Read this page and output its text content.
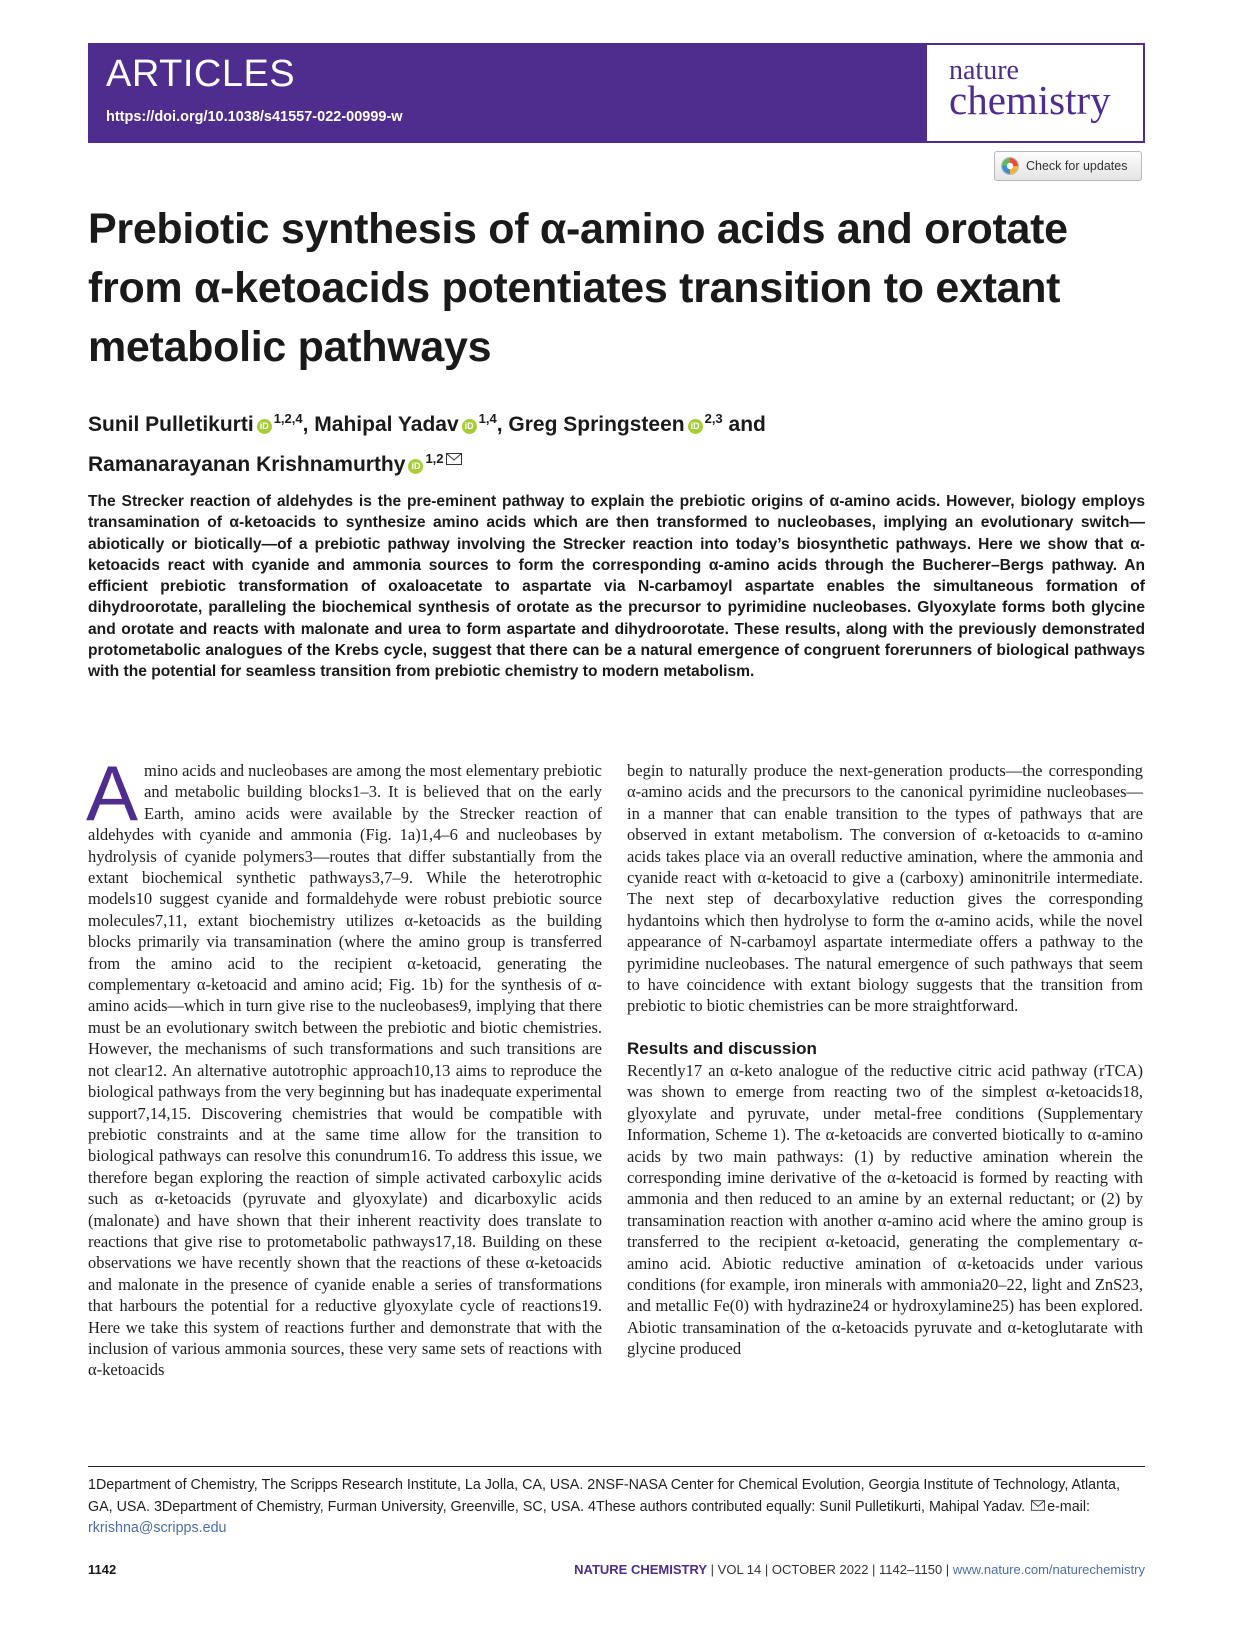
ARTICLES
https://doi.org/10.1038/s41557-022-00999-w
nature
chemistry
Check for updates
Prebiotic synthesis of α-amino acids and orotate from α-ketoacids potentiates transition to extant metabolic pathways
Sunil Pulletikurti iD $^{1,2,4}$, Mahipal Yadav iD $^{1,4}$, Greg Springsteen iD $^{2,3}$ and
Ramanarayanan Krishnamurthy iD $^{1,2}$

The Strecker reaction of aldehydes is the pre-eminent pathway to explain the prebiotic origins of α-amino acids. However, biology employs transamination of α-ketoacids to synthesize amino acids which are then transformed to nucleobases, implying an evolutionary switch—abiotically or biotically—of a prebiotic pathway involving the Strecker reaction into today’s biosynthetic pathways. Here we show that α-ketoacids react with cyanide and ammonia sources to form the corresponding α-amino acids through the Bucherer–Bergs pathway. An efficient prebiotic transformation of oxaloacetate to aspartate via N-carbamoyl aspartate enables the simultaneous formation of dihydroorotate, paralleling the biochemical synthesis of orotate as the precursor to pyrimidine nucleobases. Glyoxylate forms both glycine and orotate and reacts with malonate and urea to form aspartate and dihydroorotate. These results, along with the previously demonstrated protometabolic analogues of the Krebs cycle, suggest that there can be a natural emergence of congruent forerunners of biological pathways with the potential for seamless transition from prebiotic chemistry to modern metabolism.

A mino acids and nucleobases are among the most elementary prebiotic and metabolic building blocks1–3. It is believed that on the early Earth, amino acids were available by the Strecker reaction of aldehydes with cyanide and ammonia (Fig. 1a)1,4–6 and nucleobases by hydrolysis of cyanide polymers3—routes that differ substantially from the extant biochemical synthetic pathways3,7–9. While the heterotrophic models10 suggest cyanide and formaldehyde were robust prebiotic source molecules7,11, extant biochemistry utilizes α-ketoacids as the building blocks primarily via transamination (where the amino group is transferred from the amino acid to the recipient α-ketoacid, generating the complementary α-ketoacid and amino acid; Fig. 1b) for the synthesis of α-amino acids—which in turn give rise to the nucleobases9, implying that there must be an evolutionary switch between the prebiotic and biotic chemistries. However, the mechanisms of such transformations and such transitions are not clear12. An alternative autotrophic approach10,13 aims to reproduce the biological pathways from the very beginning but has inadequate experimental support7,14,15. Discovering chemistries that would be compatible with prebiotic constraints and at the same time allow for the transition to biological pathways can resolve this conundrum16. To address this issue, we therefore began exploring the reaction of simple activated carboxylic acids such as α-ketoacids (pyruvate and glyoxylate) and dicarboxylic acids (malonate) and have shown that their inherent reactivity does translate to reactions that give rise to protometabolic pathways17,18. Building on these observations we have recently shown that the reactions of these α-ketoacids and malonate in the presence of cyanide enable a series of transformations that harbours the potential for a reductive glyoxylate cycle of reactions19. Here we take this system of reactions further and demonstrate that with the inclusion of various ammonia sources, these very same sets of reactions with α-ketoacids

begin to naturally produce the next-generation products—the corresponding α-amino acids and the precursors to the canonical pyrimidine nucleobases—in a manner that can enable transition to the types of pathways that are observed in extant metabolism. The conversion of α-ketoacids to α-amino acids takes place via an overall reductive amination, where the ammonia and cyanide react with α-ketoacid to give a (carboxy) aminonitrile intermediate. The next step of decarboxylative reduction gives the corresponding hydantoins which then hydrolyse to form the α-amino acids, while the novel appearance of N-carbamoyl aspartate intermediate offers a pathway to the pyrimidine nucleobases. The natural emergence of such pathways that seem to have coincidence with extant biology suggests that the transition from prebiotic to biotic chemistries can be more straightforward.

Results and discussion

Recently17 an α-keto analogue of the reductive citric acid pathway (rTCA) was shown to emerge from reacting two of the simplest α-ketoacids18, glyoxylate and pyruvate, under metal-free conditions (Supplementary Information, Scheme 1). The α-ketoacids are converted biotically to α-amino acids by two main pathways: (1) by reductive amination wherein the corresponding imine derivative of the α-ketoacid is formed by reacting with ammonia and then reduced to an amine by an external reductant; or (2) by transamination reaction with another α-amino acid where the amino group is transferred to the recipient α-ketoacid, generating the complementary α-amino acid. Abiotic reductive amination of α-ketoacids under various conditions (for example, iron minerals with ammonia20–22, light and ZnS23, and metallic Fe(0) with hydrazine24 or hydroxylamine25) has been explored. Abiotic transamination of the α-ketoacids pyruvate and α-ketoglutarate with glycine produced

1Department of Chemistry, The Scripps Research Institute, La Jolla, CA, USA. 2NSF-NASA Center for Chemical Evolution, Georgia Institute of Technology, Atlanta, GA, USA. 3Department of Chemistry, Furman University, Greenville, SC, USA. 4These authors contributed equally: Sunil Pulletikurti, Mahipal Yadav. e-mail: rkrishna@scripps.edu
1142	NATURE CHEMISTRY | VOL 14 | OCTOBER 2022 | 1142–1150 | www.nature.com/naturechemistry
